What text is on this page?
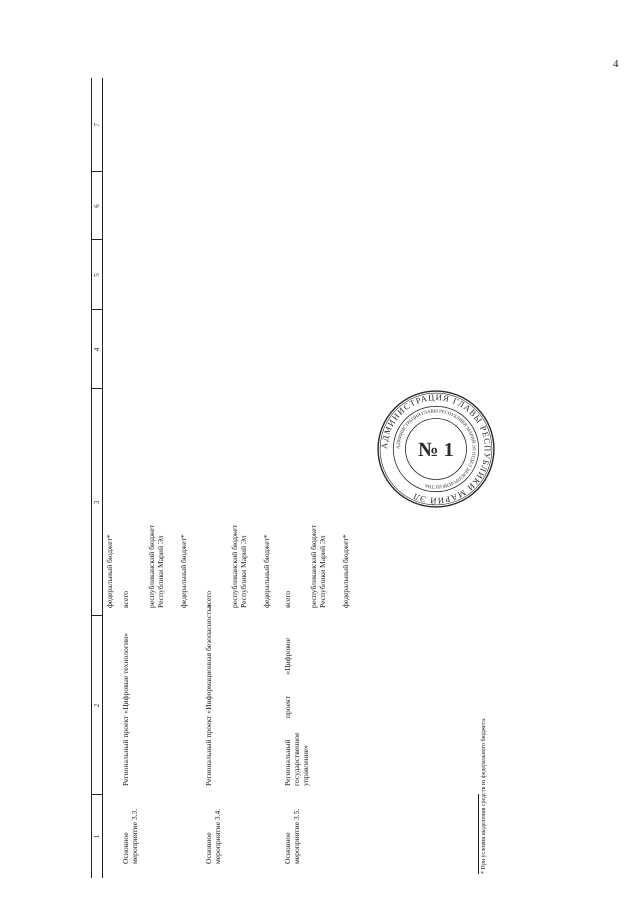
4
1
2
3
4
5
6
7
федеральный бюджет*
Основное мероприятие 3.3.
Региональный проект «Цифровые технологии»
всего республиканский бюджет Республики Марий Эл федеральный бюджет*
Основное мероприятие 3.4.
Региональный проект «Информационная безопасность»
всего республиканский бюджет Республики Марий Эл федеральный бюджет*
Основное мероприятие 3.5.
Региональный проект «Цифровое государственное управление»
всего республиканский бюджет Республики Марий Эл федеральный бюджет*
* При условии выделения средств из федерального бюджета.
АДМИНИСТРАЦИЯ ГЛАВЫ РЕСПУБЛИКИ МАРИЙ ЭЛ
АДМИНИСТРАЦИЯ ГЛАВЫ РЕСПУБЛИКИ МАРИЙ ЭЛ ОТДЕЛ ДЕЛОПРОИЗВОДСТВА
№ 1
